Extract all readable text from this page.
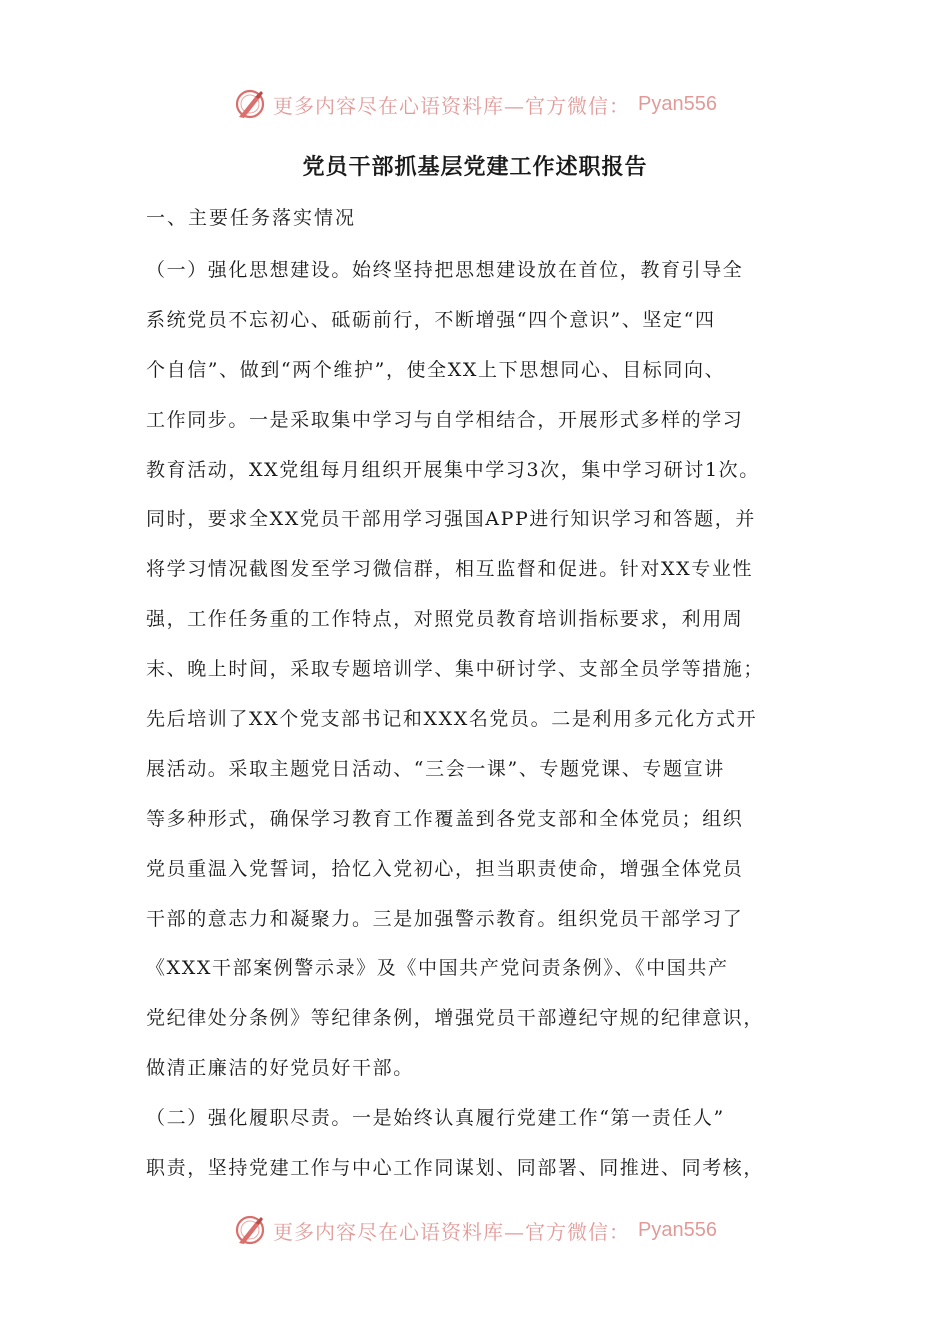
更多内容尽在心语资料库—官方微信： Pyan556
党员干部抓基层党建工作述职报告

一、主要任务落实情况

（一）强化思想建设。始终坚持把思想建设放在首位，教育引导全
系统党员不忘初心、砥砺前行，不断增强“四个意识”、坚定“四
个自信”、做到“两个维护”，使全XX上下思想同心、目标同向、
工作同步。一是采取集中学习与自学相结合，开展形式多样的学习
教育活动，XX党组每月组织开展集中学习3次，集中学习研讨1次。
同时，要求全XX党员干部用学习强国APP进行知识学习和答题，并
将学习情况截图发至学习微信群，相互监督和促进。针对XX专业性
强，工作任务重的工作特点，对照党员教育培训指标要求，利用周
末、晚上时间，采取专题培训学、集中研讨学、支部全员学等措施；
先后培训了XX个党支部书记和XXX名党员。二是利用多元化方式开
展活动。采取主题党日活动、“三会一课”、专题党课、专题宣讲
等多种形式，确保学习教育工作覆盖到各党支部和全体党员；组织
党员重温入党誓词，拾忆入党初心，担当职责使命，增强全体党员
干部的意志力和凝聚力。三是加强警示教育。组织党员干部学习了
《XXX干部案例警示录》及《中国共产党问责条例》、《中国共产
党纪律处分条例》等纪律条例，增强党员干部遵纪守规的纪律意识，
做清正廉洁的好党员好干部。
（二）强化履职尽责。一是始终认真履行党建工作“第一责任人”
职责，坚持党建工作与中心工作同谋划、同部署、同推进、同考核，
更多内容尽在心语资料库—官方微信： Pyan556
